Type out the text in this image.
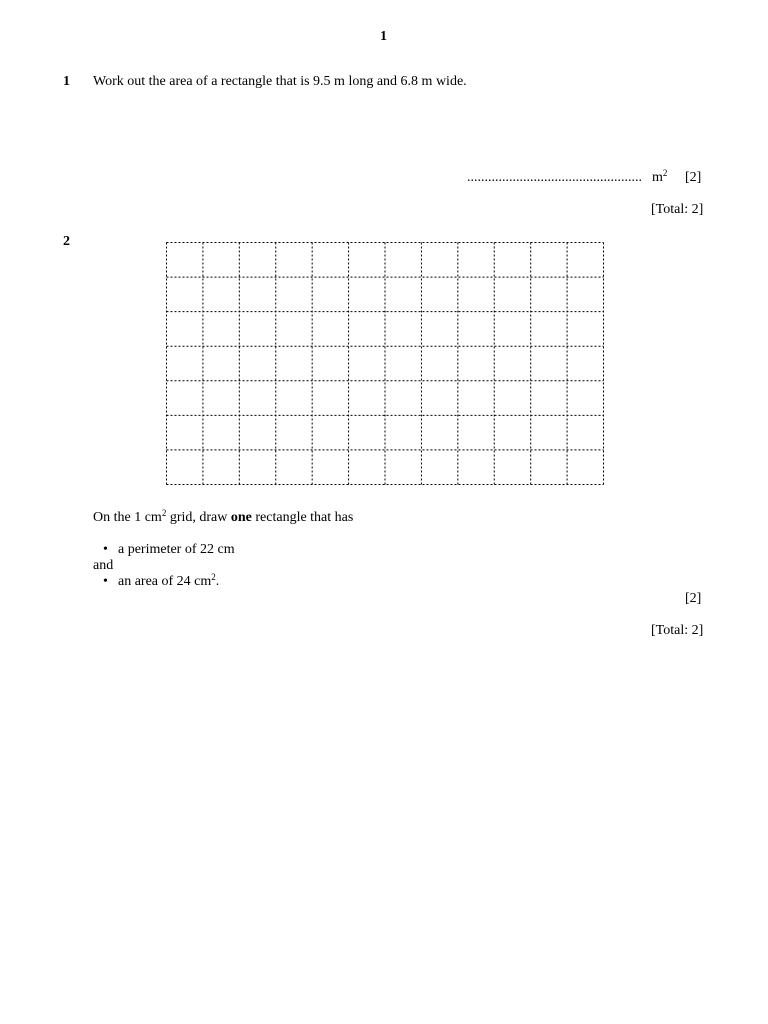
1
1 Work out the area of a rectangle that is 9.5 m long and 6.8 m wide.
.................................................. $m^2$ [2]
[Total: 2]
2
On the 1 $cm^2$ grid, draw one rectangle that has
• a perimeter of 22 cm
and
• an area of 24 $cm^2$.
[2]
[Total: 2]
